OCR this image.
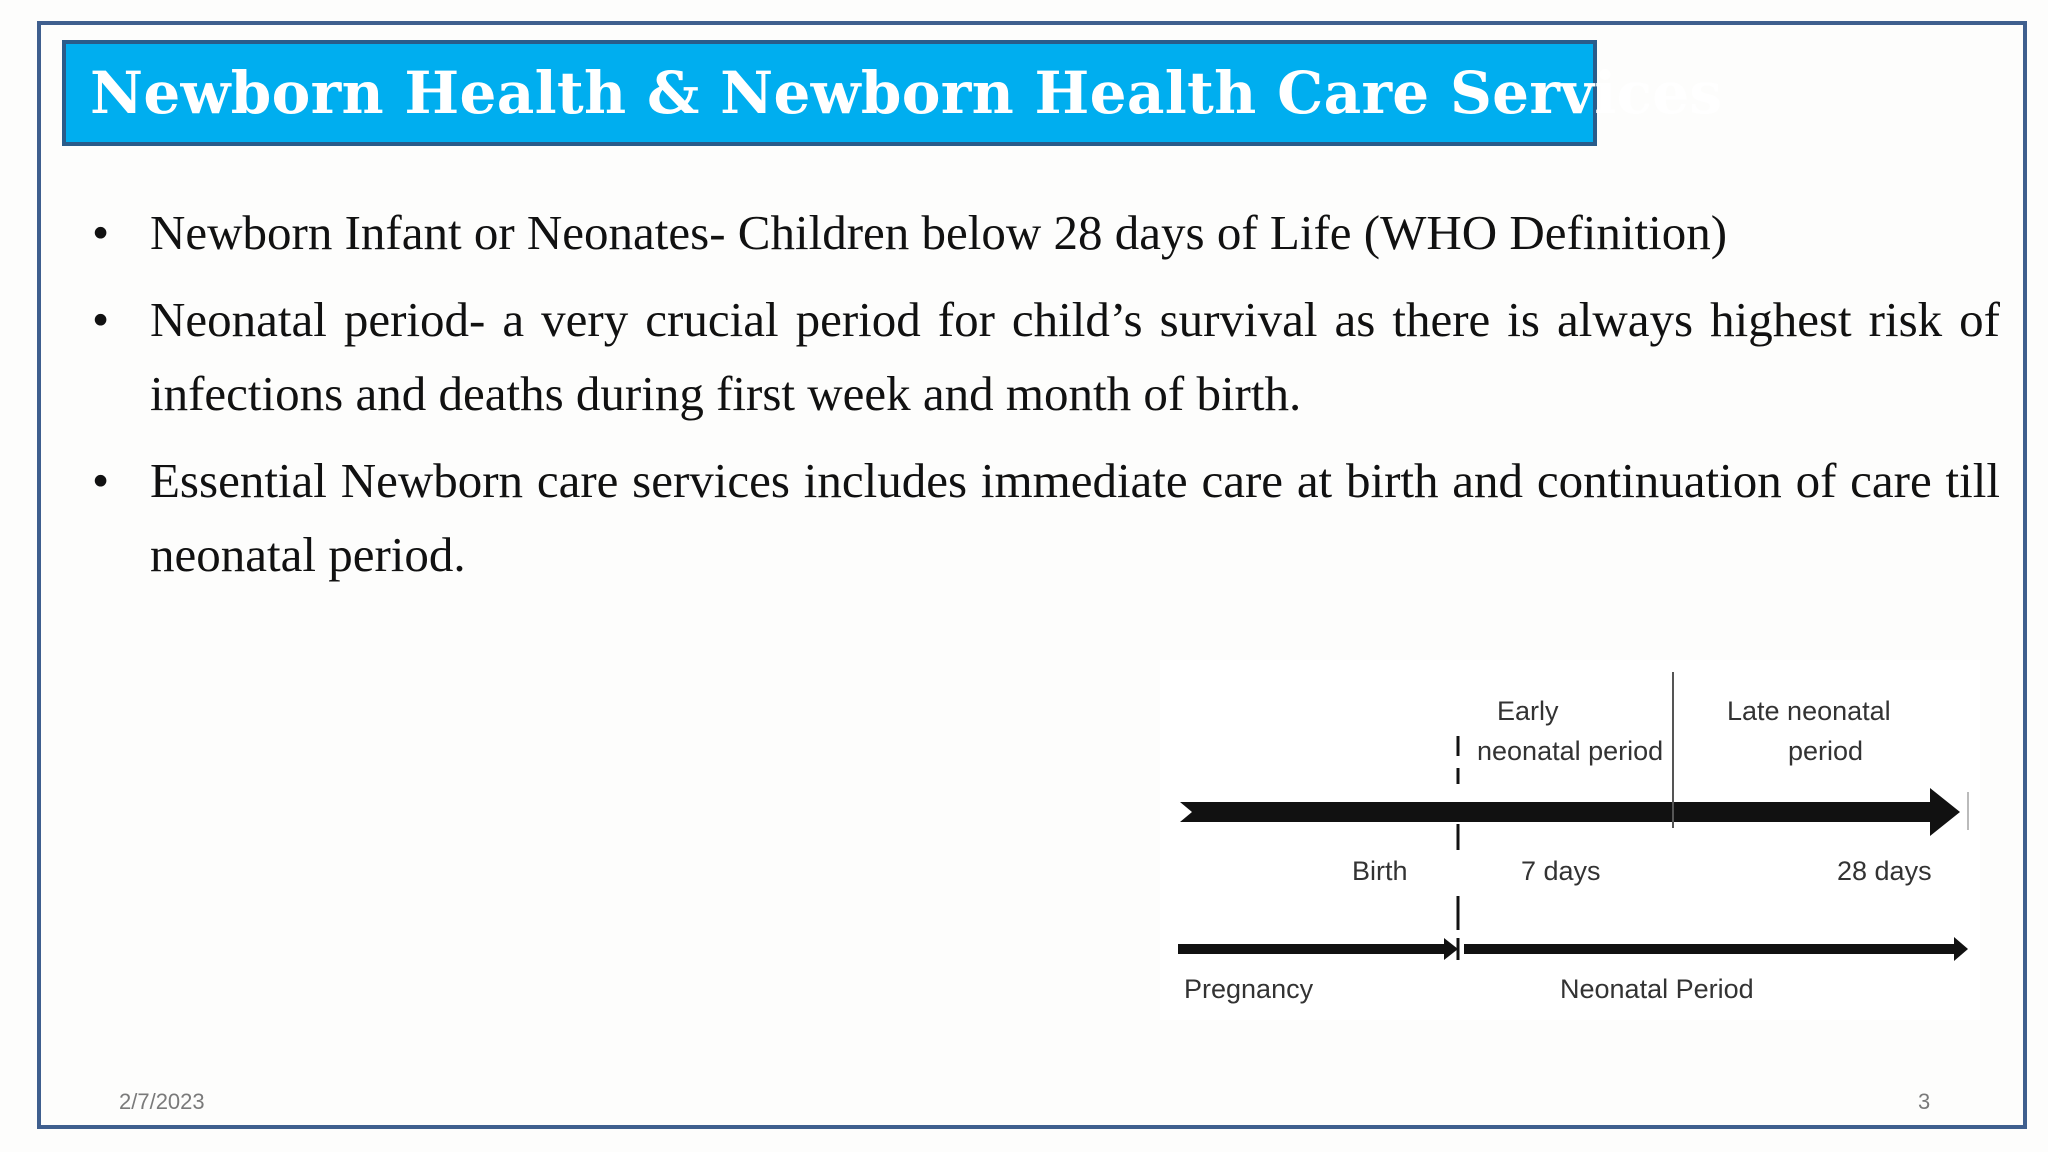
Newborn Health & Newborn Health Care Services
• Newborn Infant or Neonates- Children below 28 days of Life (WHO Definition)
• Neonatal period- a very crucial period for child’s survival as there is always highest risk of infections and deaths during first week and month of birth.
• Essential Newborn care services includes immediate care at birth and continuation of care till neonatal period.
Early
neonatal period
Late neonatal
period
Birth	7 days	28 days
Pregnancy	Neonatal Period
2/7/2023	3
